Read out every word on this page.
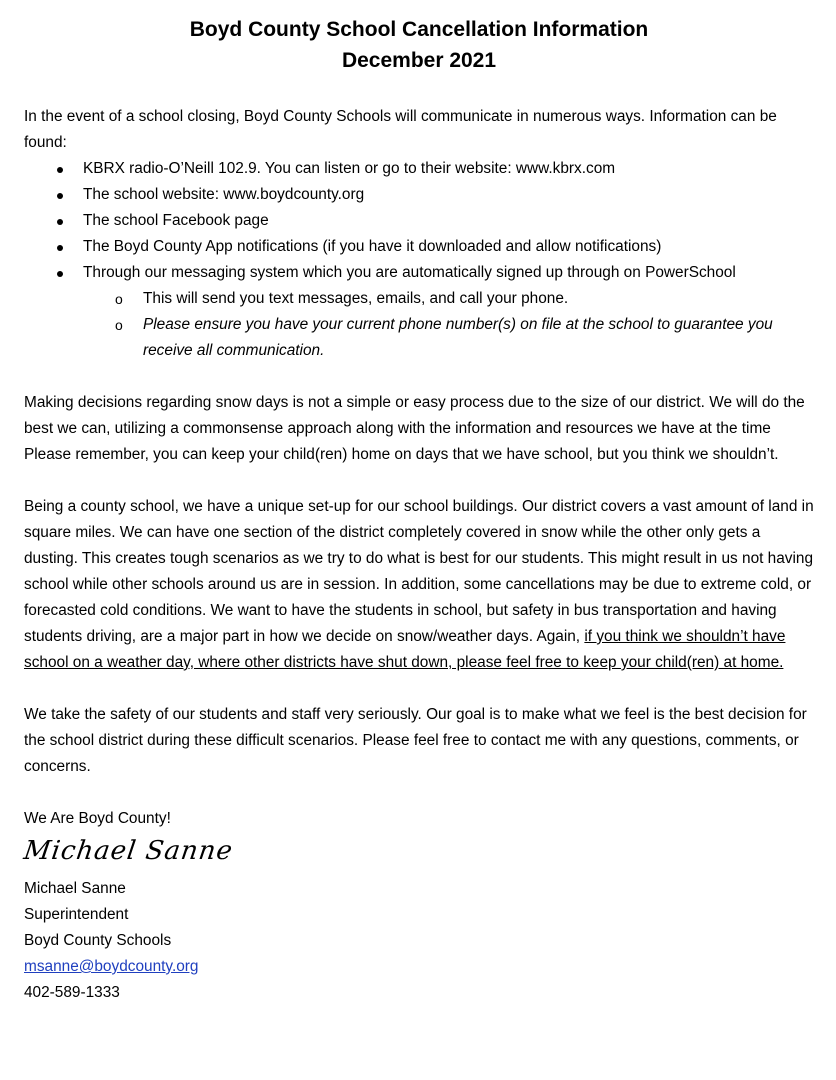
Boyd County School Cancellation Information
December 2021

In the event of a school closing, Boyd County Schools will communicate in numerous ways. Information can be found:

KBRX radio-O’Neill 102.9. You can listen or go to their website: www.kbrx.com
The school website: www.boydcounty.org
The school Facebook page
The Boyd County App notifications (if you have it downloaded and allow notifications)
Through our messaging system which you are automatically signed up through on PowerSchool
o This will send you text messages, emails, and call your phone.
o Please ensure you have your current phone number(s) on file at the school to guarantee you receive all communication.

Making decisions regarding snow days is not a simple or easy process due to the size of our district. We will do the best we can, utilizing a commonsense approach along with the information and resources we have at the time Please remember, you can keep your child(ren) home on days that we have school, but you think we shouldn’t.

Being a county school, we have a unique set-up for our school buildings. Our district covers a vast amount of land in square miles. We can have one section of the district completely covered in snow while the other only gets a dusting. This creates tough scenarios as we try to do what is best for our students. This might result in us not having school while other schools around us are in session. In addition, some cancellations may be due to extreme cold, or forecasted cold conditions. We want to have the students in school, but safety in bus transportation and having students driving, are a major part in how we decide on snow/weather days. Again, if you think we shouldn’t have school on a weather day, where other districts have shut down, please feel free to keep your child(ren) at home.

We take the safety of our students and staff very seriously. Our goal is to make what we feel is the best decision for the school district during these difficult scenarios. Please feel free to contact me with any questions, comments, or concerns.

We Are Boyd County!

Michael Sanne

Michael Sanne

Superintendent

Boyd County Schools

msanne@boydcounty.org

402-589-1333
